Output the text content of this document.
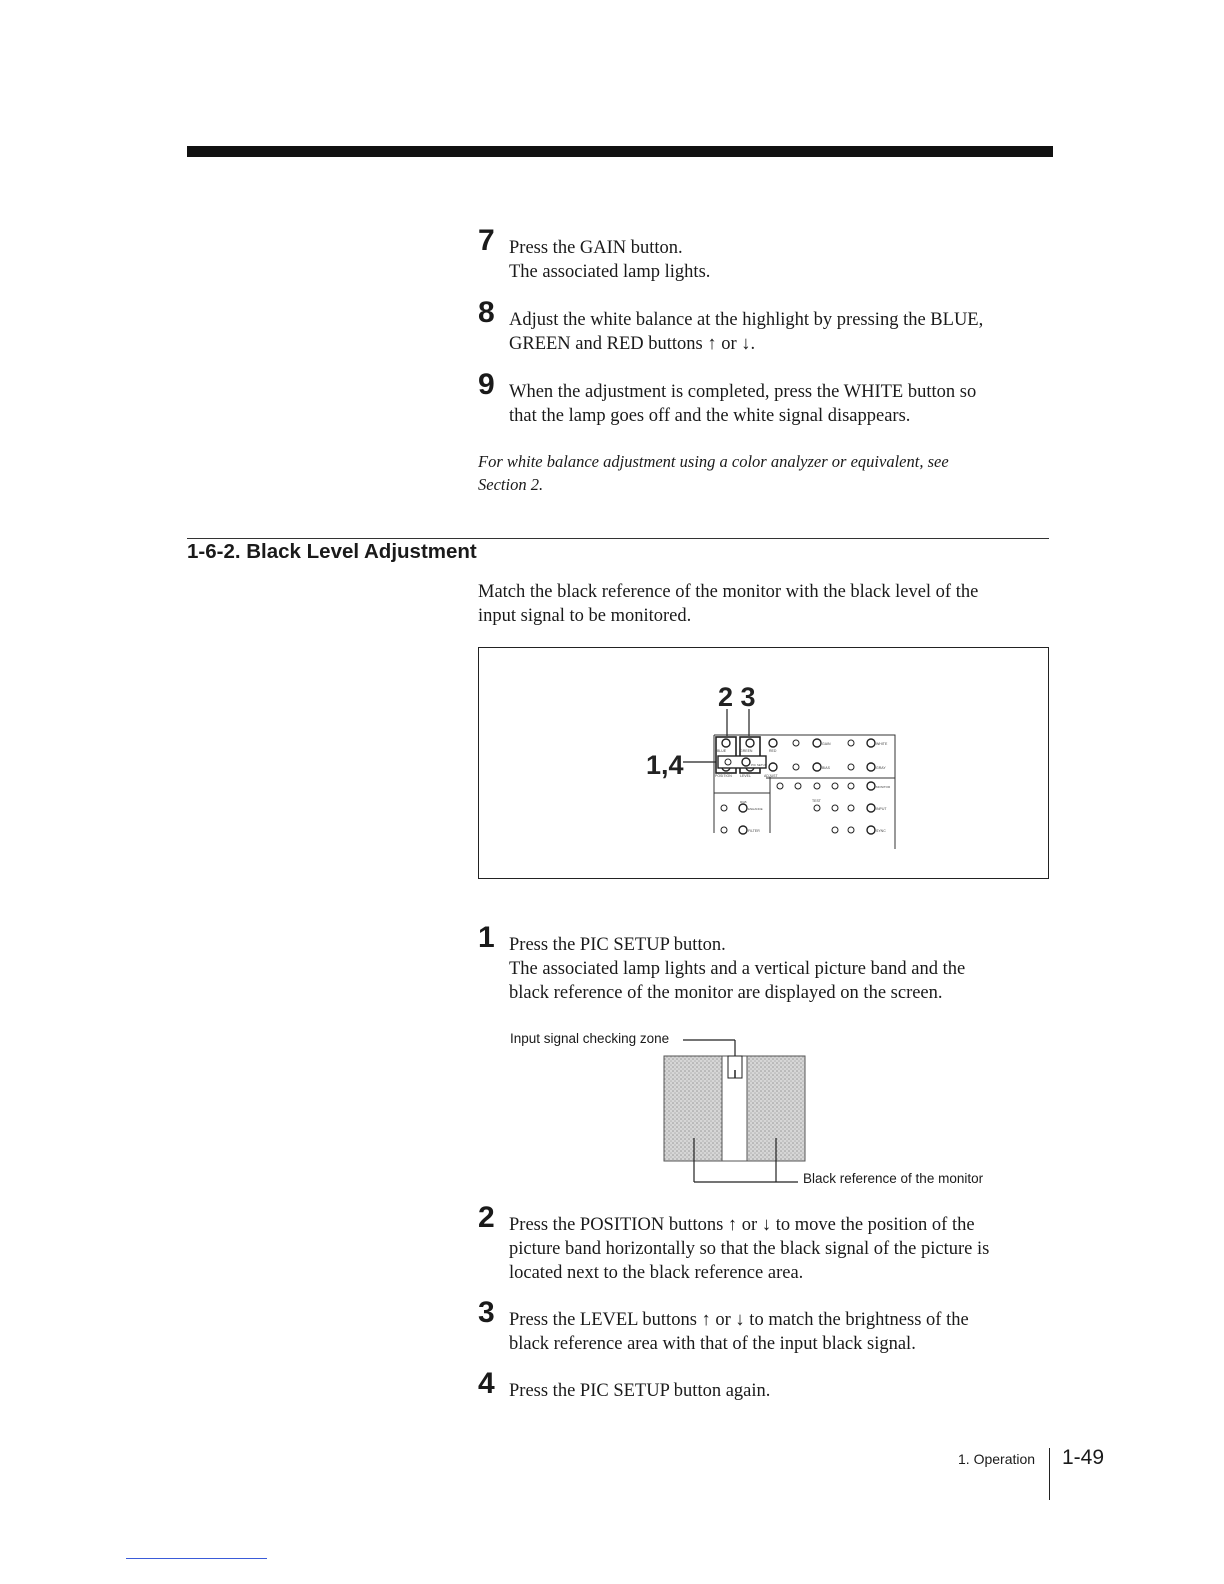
7 Press the GAIN button.
The associated lamp lights.
8 Adjust the white balance at the highlight by pressing the BLUE,
GREEN and RED buttons ↑ or ↓.
9 When the adjustment is completed, press the WHITE button so
that the lamp goes off and the white signal disappears.
For white balance adjustment using a color analyzer or equivalent, see
Section 2.
1-6-2. Black Level Adjustment
Match the black reference of the monitor with the black level of the
input signal to be monitored.
2 3
1,4	BLUE	GREEN	RED
POSITION LEVEL	ADJUST
PIC SETUP
GAIN
BIAS
WHITE
GRAY
TEST
INPUT
SYNC
FILTER
ENHANCE
MONITOR
RGB
1 Press the PIC SETUP button.
The associated lamp lights and a vertical picture band and the
black reference of the monitor are displayed on the screen.
Input signal checking zone
Black reference of the monitor
2 Press the POSITION buttons ↑ or ↓ to move the position of the
picture band horizontally so that the black signal of the picture is
located next to the black reference area.
3 Press the LEVEL buttons ↑ or ↓ to match the brightness of the
black reference area with that of the input black signal.
4 Press the PIC SETUP button again.
1. Operation 1-49
